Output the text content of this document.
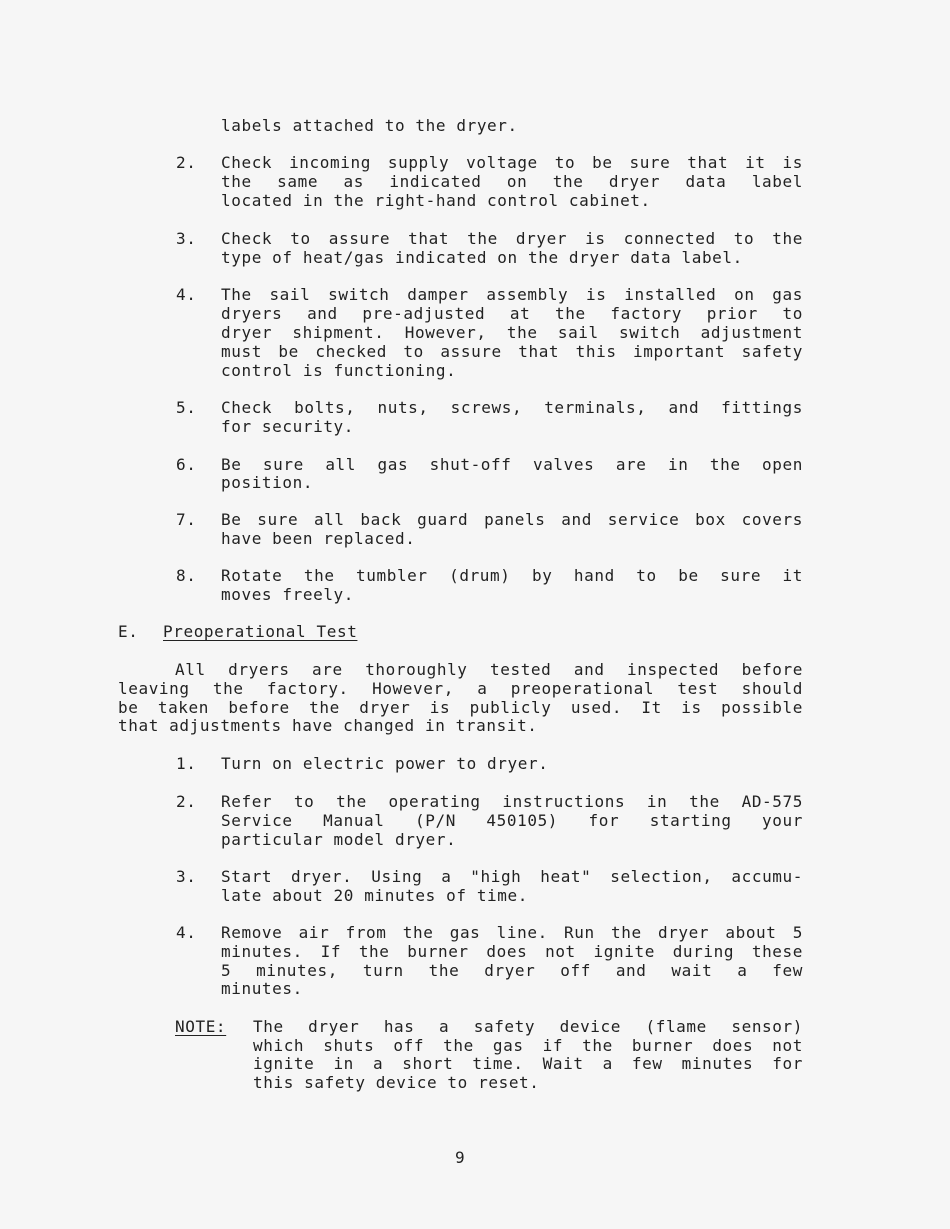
labels attached to the dryer.
2. Check incoming supply voltage to be sure that it is
the same as indicated on the dryer data label
located in the right-hand control cabinet.
3. Check to assure that the dryer is connected to the
type of heat/gas indicated on the dryer data label.
4. The sail switch damper assembly is installed on gas
dryers and pre-adjusted at the factory prior to
dryer shipment. However, the sail switch adjustment
must be checked to assure that this important safety
control is functioning.
5. Check bolts, nuts, screws, terminals, and fittings
for security.
6. Be sure all gas shut-off valves are in the open
position.
7. Be sure all back guard panels and service box covers
have been replaced.
8. Rotate the tumbler (drum) by hand to be sure it
moves freely.
E. Preoperational Test
All dryers are thoroughly tested and inspected before
leaving the factory. However, a preoperational test should
be taken before the dryer is publicly used. It is possible
that adjustments have changed in transit.
1. Turn on electric power to dryer.
2. Refer to the operating instructions in the AD-575
Service Manual (P/N 450105) for starting your
particular model dryer.
3. Start dryer. Using a "high heat" selection, accumu-
late about 20 minutes of time.
4. Remove air from the gas line. Run the dryer about 5
minutes. If the burner does not ignite during these
5 minutes, turn the dryer off and wait a few
minutes.
NOTE: The dryer has a safety device (flame sensor)
which shuts off the gas if the burner does not
ignite in a short time. Wait a few minutes for
this safety device to reset.
9
